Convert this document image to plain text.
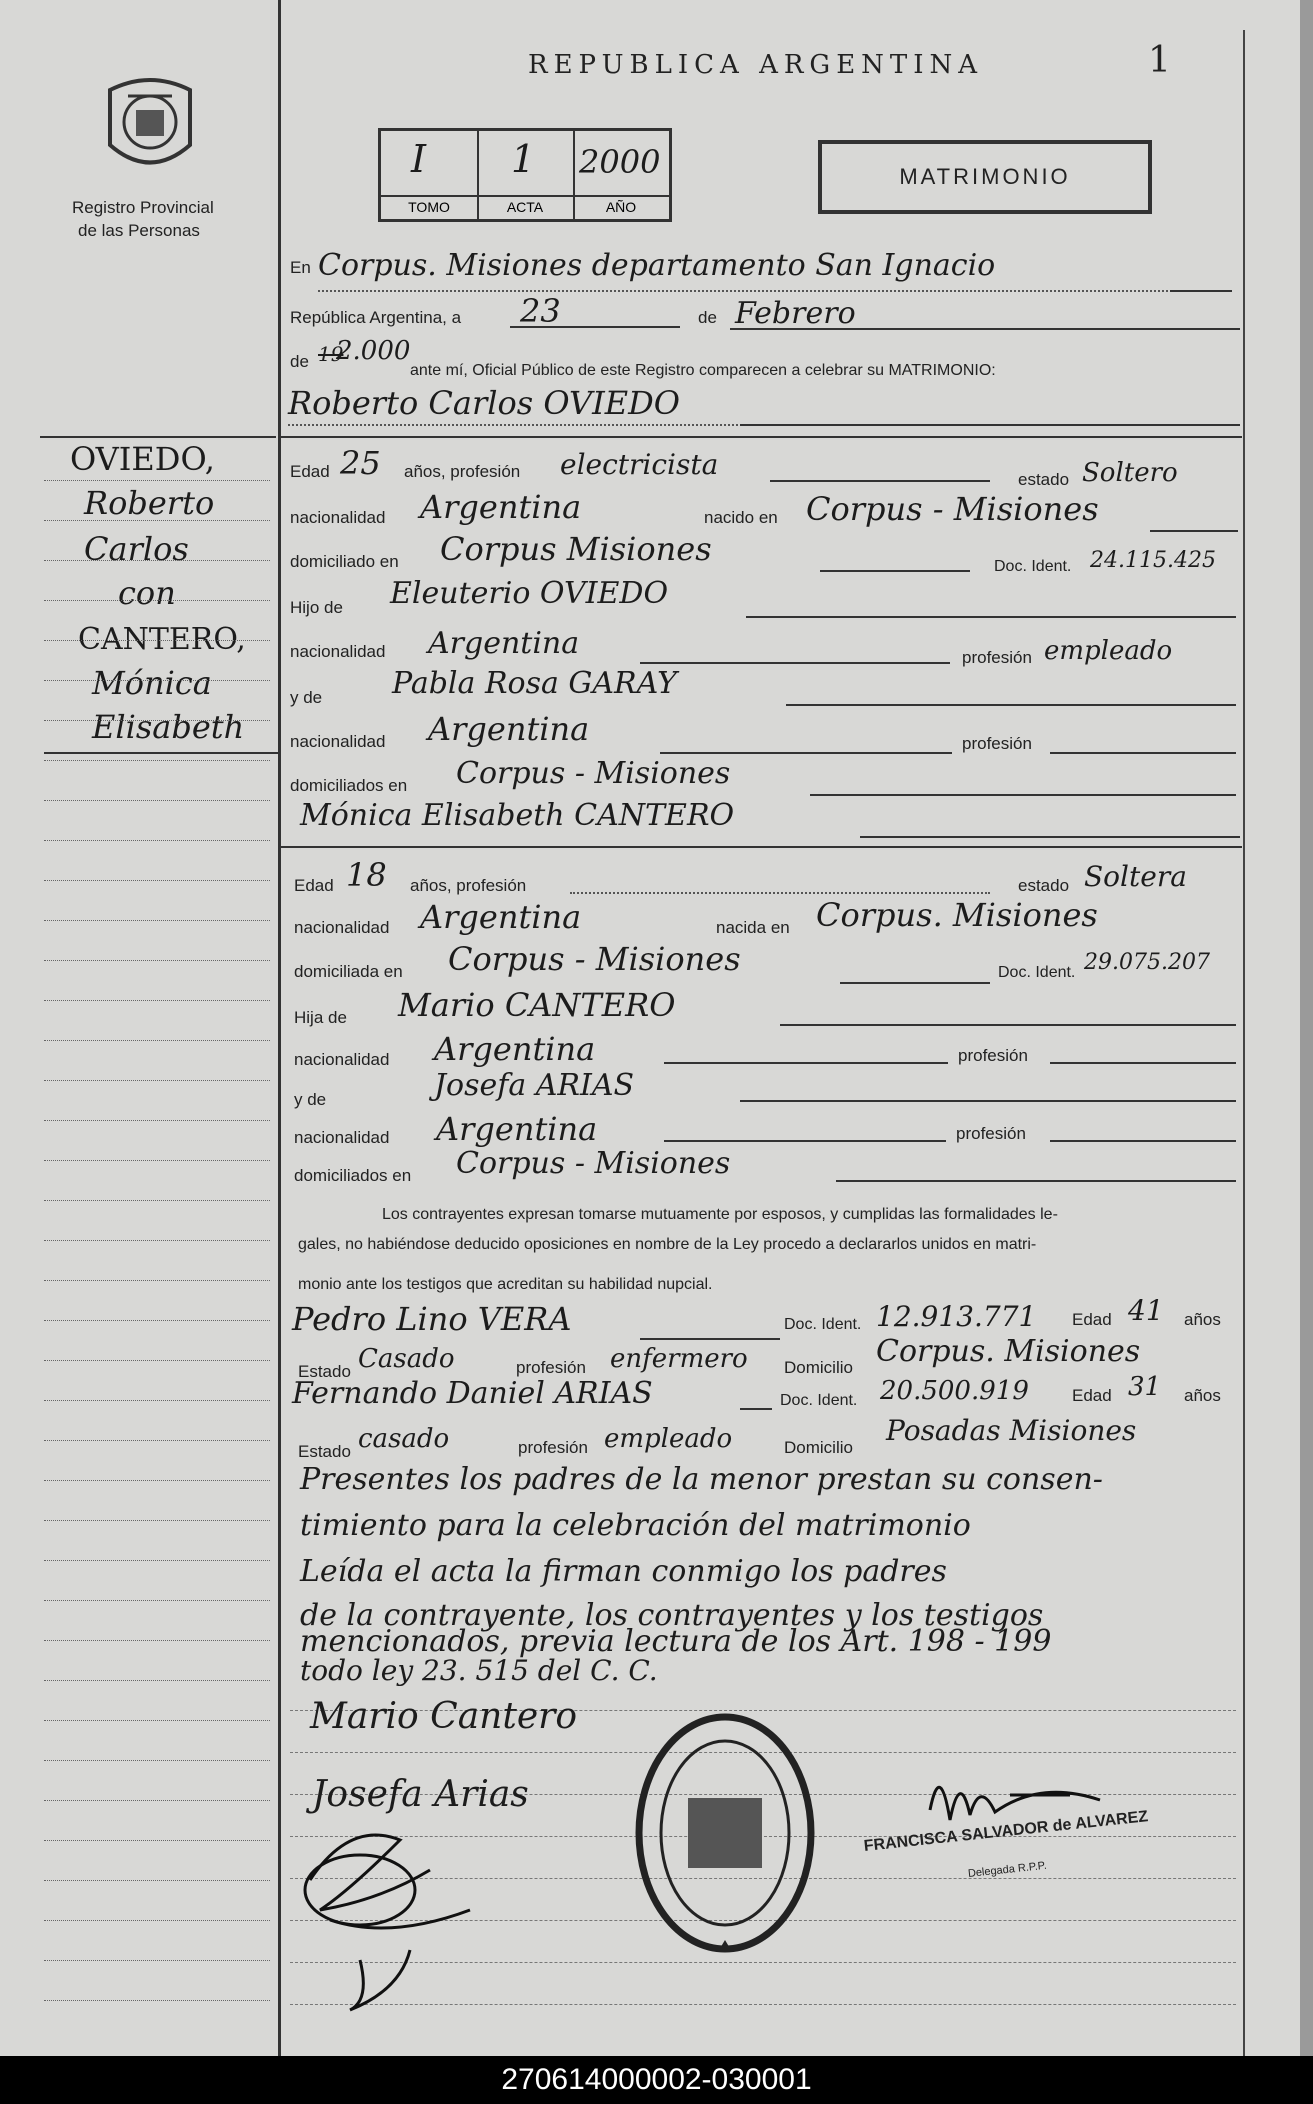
Registro Provincial
de las Personas
REPUBLICA ARGENTINA	1
I
TOMO
1
ACTA
2000
AÑO
MATRIMONIO
En Corpus. Misiones departamento San Ignacio
República Argentina, a 23	de Febrero
de 19
2.000
ante mí, Oficial Público de este Registro comparecen a celebrar su MATRIMONIO:
Roberto Carlos OVIEDO
Edad 25 años, profesión electricista	estado Soltero
nacionalidad Argentina	nacido en Corpus - Misiones
domiciliado en Corpus Misiones	Doc. Ident. 24.115.425
Hijo de Eleuterio OVIEDO
nacionalidad Argentina	profesión empleado
y de Pabla Rosa GARAY
nacionalidad Argentina	profesión
domiciliados en Corpus - Misiones
Mónica Elisabeth CANTERO
Edad 18 años, profesión	estado Soltera
nacionalidad Argentina	nacida en Corpus. Misiones
domiciliada en Corpus - Misiones	Doc. Ident. 29.075.207
Hija de Mario CANTERO
nacionalidad Argentina	profesión
y de	Josefa ARIAS
nacionalidad Argentina	profesión
domiciliados en Corpus - Misiones
Los contrayentes expresan tomarse mutuamente por esposos, y cumplidas las formalidades le-
gales, no habiéndose deducido oposiciones en nombre de la Ley procedo a declararlos unidos en matri-
monio ante los testigos que acreditan su habilidad nupcial.
Pedro Lino VERA	Doc. Ident. 12.913.771 Edad 41 años
Estado Casado	profesión enfermero Domicilio Corpus. Misiones
Fernando Daniel ARIAS	Doc. Ident. 20.500.919	Edad 31 años
Estado casado	profesión empleado	Domicilio
Posadas Misiones
Presentes los padres de la menor prestan su consen-
timiento para la celebración del matrimonio
Leída el acta la firman conmigo los padres
de la contrayente, los contrayentes y los testigos
mencionados, previa lectura de los Art. 198 - 199
todo ley 23. 515 del C. C.
Mario Cantero
Josefa Arias
FRANCISCA SALVADOR de ALVAREZ
Delegada R.P.P.
OVIEDO,
Roberto
Carlos
con
CANTERO,
Mónica
Elisabeth
270614000002-030001
